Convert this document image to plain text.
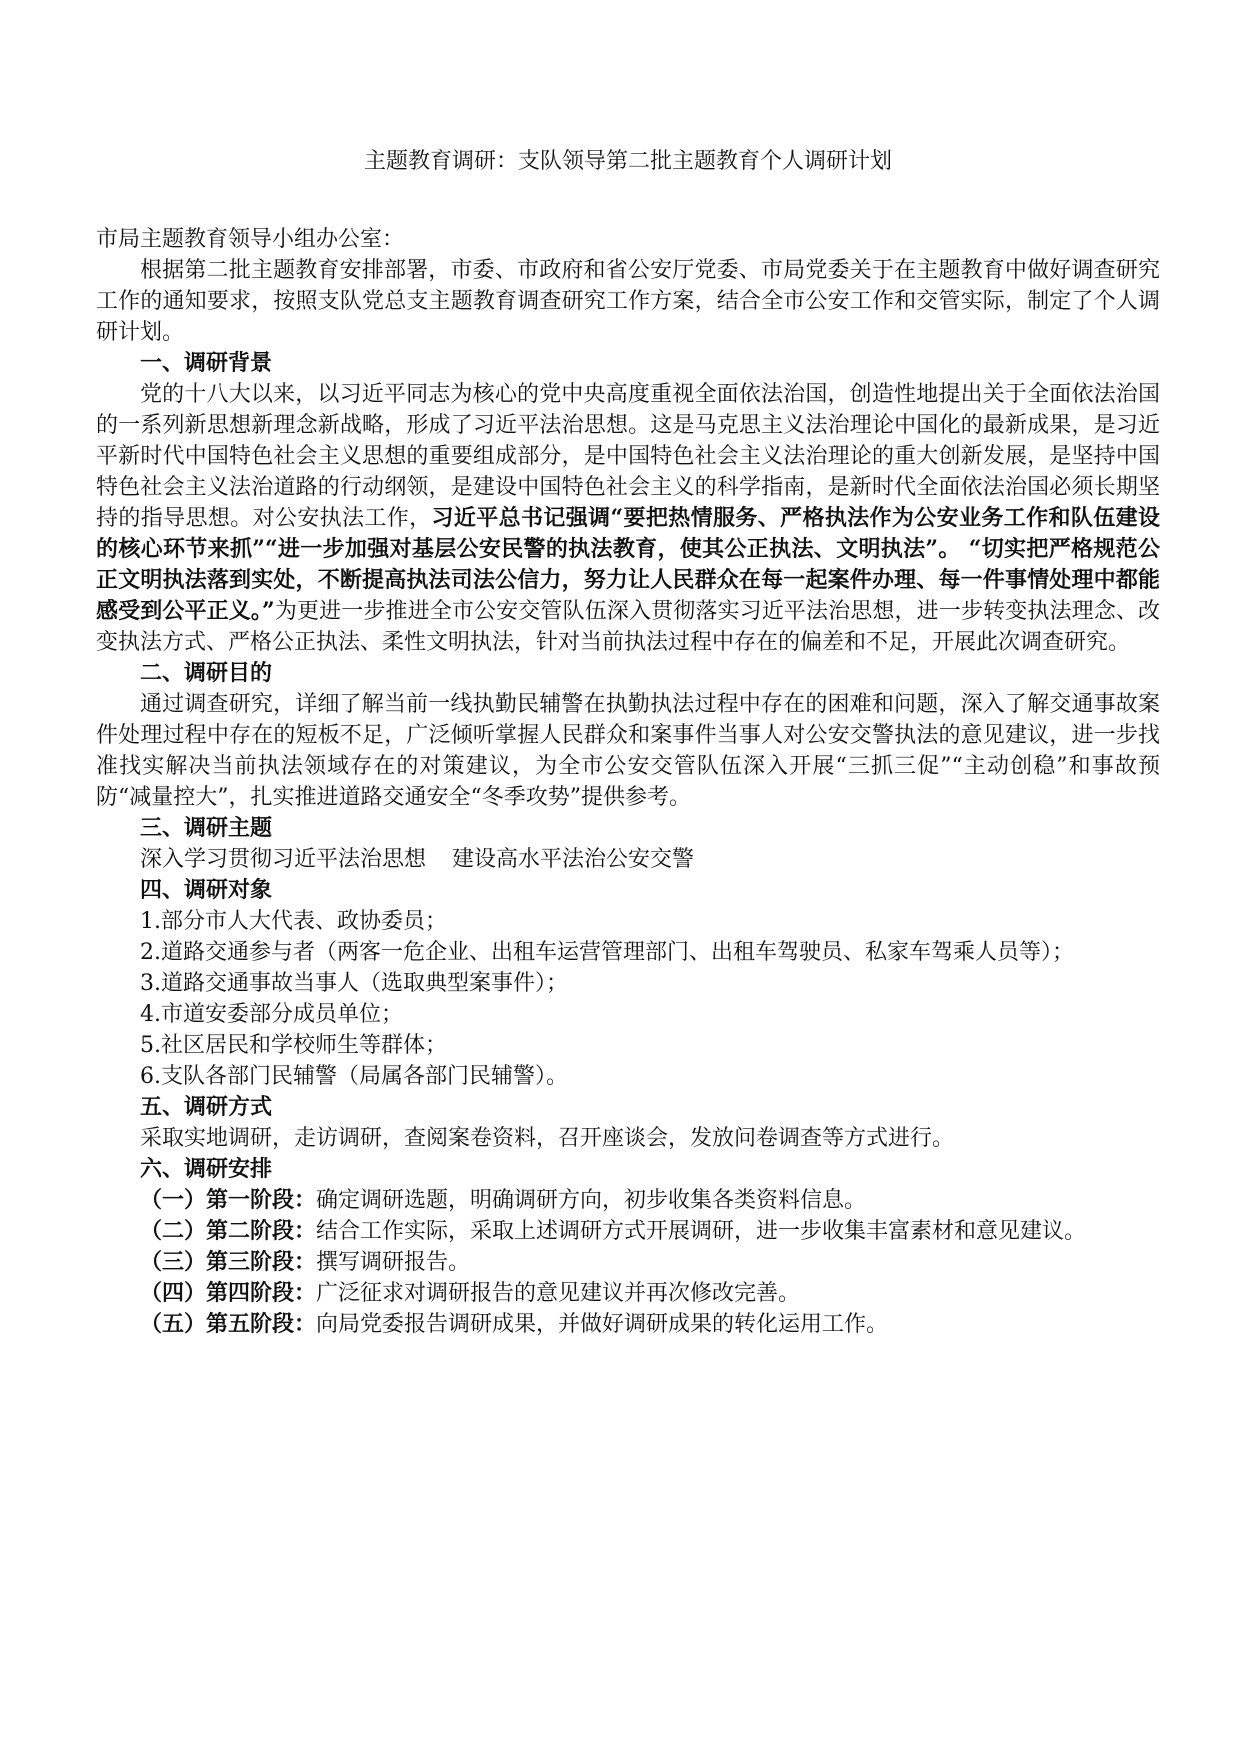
主题教育调研：支队领导第二批主题教育个人调研计划
市局主题教育领导小组办公室：

根据第二批主题教育安排部署，市委、市政府和省公安厅党委、市局党委关于在主题教育中做好调查研究工作的通知要求，按照支队党总支主题教育调查研究工作方案，结合全市公安工作和交管实际，制定了个人调研计划。

一、调研背景

党的十八大以来，以习近平同志为核心的党中央高度重视全面依法治国，创造性地提出关于全面依法治国的一系列新思想新理念新战略，形成了习近平法治思想。这是马克思主义法治理论中国化的最新成果，是习近平新时代中国特色社会主义思想的重要组成部分，是中国特色社会主义法治理论的重大创新发展，是坚持中国特色社会主义法治道路的行动纲领，是建设中国特色社会主义的科学指南，是新时代全面依法治国必须长期坚持的指导思想。对公安执法工作，习近平总书记强调“要把热情服务、严格执法作为公安业务工作和队伍建设的核心环节来抓”“进一步加强对基层公安民警的执法教育，使其公正执法、文明执法”。 “切实把严格规范公正文明执法落到实处，不断提高执法司法公信力，努力让人民群众在每一起案件办理、每一件事情处理中都能感受到公平正义。”为更进一步推进全市公安交管队伍深入贯彻落实习近平法治思想，进一步转变执法理念、改变执法方式、严格公正执法、柔性文明执法，针对当前执法过程中存在的偏差和不足，开展此次调查研究。

二、调研目的

通过调查研究，详细了解当前一线执勤民辅警在执勤执法过程中存在的困难和问题，深入了解交通事故案件处理过程中存在的短板不足，广泛倾听掌握人民群众和案事件当事人对公安交警执法的意见建议，进一步找准找实解决当前执法领域存在的对策建议，为全市公安交管队伍深入开展“三抓三促”“主动创稳”和事故预防“减量控大”，扎实推进道路交通安全“冬季攻势”提供参考。

三、调研主题
深入学习贯彻习近平法治思想 建设高水平法治公安交警
四、调研对象

1.部分市人大代表、政协委员；

2.道路交通参与者（两客一危企业、出租车运营管理部门、出租车驾驶员、私家车驾乘人员等）；

3.道路交通事故当事人（选取典型案事件）；

4.市道安委部分成员单位；

5.社区居民和学校师生等群体；

6.支队各部门民辅警（局属各部门民辅警）。

五、调研方式
采取实地调研，走访调研，查阅案卷资料，召开座谈会，发放问卷调查等方式进行。
六、调研安排

（一）第一阶段：确定调研选题，明确调研方向，初步收集各类资料信息。

（二）第二阶段：结合工作实际，采取上述调研方式开展调研，进一步收集丰富素材和意见建议。

（三）第三阶段：撰写调研报告。

（四）第四阶段：广泛征求对调研报告的意见建议并再次修改完善。

（五）第五阶段：向局党委报告调研成果，并做好调研成果的转化运用工作。
